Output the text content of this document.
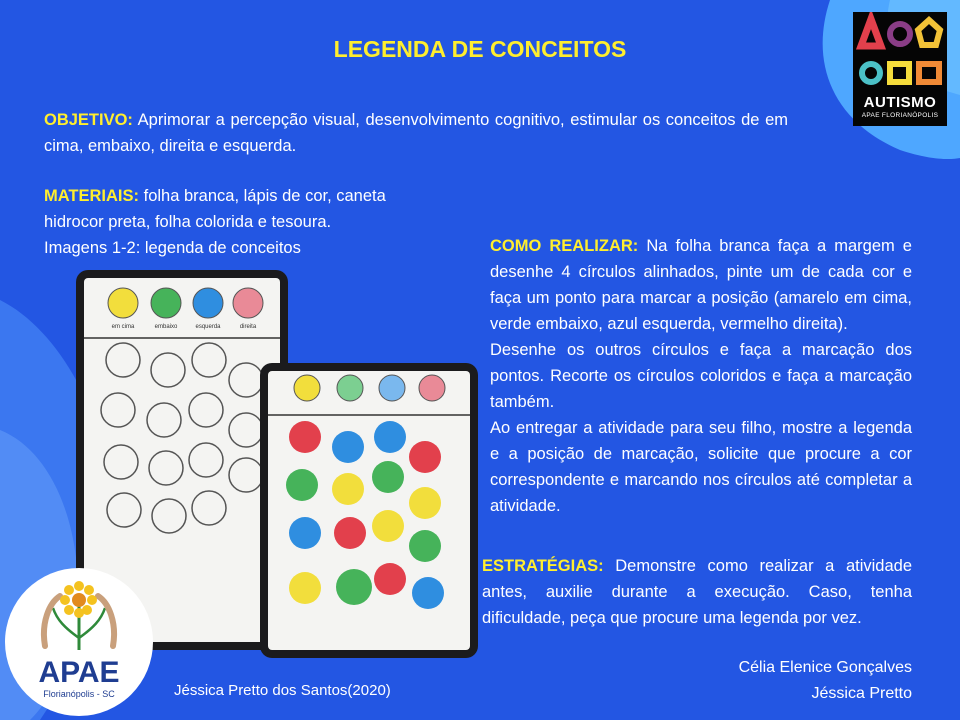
LEGENDA DE CONCEITOS
AUTISMO
APAE FLORIANÓPOLIS
OBJETIVO: Aprimorar a percepção visual, desenvolvimento cognitivo, estimular os conceitos de em cima, embaixo, direita e esquerda.
MATERIAIS: folha branca, lápis de cor, caneta
hidrocor preta, folha colorida e tesoura.
Imagens 1-2: legenda de conceitos	COMO REALIZAR: Na folha branca faça a margem e desenhe 4 círculos alinhados, pinte um de cada cor e faça um ponto para marcar a posição (amarelo em cima, verde embaixo, azul esquerda, vermelho direita).

Desenhe os outros círculos e faça a marcação dos pontos. Recorte os círculos coloridos e faça a marcação também.

Ao entregar a atividade para seu filho, mostre a legenda e a posição de marcação, solicite que procure a cor correspondente e marcando nos círculos até completar a atividade.

ESTRATÉGIAS: Demonstre como realizar a atividade antes, auxilie durante a execução. Caso, tenha dificuldade, peça que procure uma legenda por vez.
Célia Elenice Gonçalves
Jéssica Pretto
Jéssica Pretto dos Santos(2020)
em cima	embaixo	esquerda	direita
APAE
Florianópolis - SC
